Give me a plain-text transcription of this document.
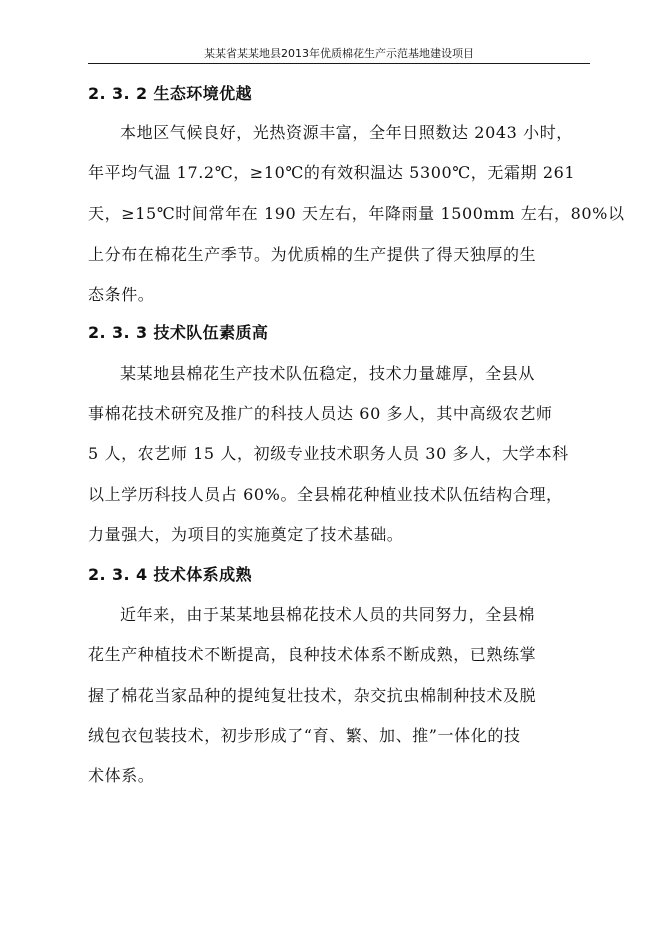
某某省某某地县2013年优质棉花生产示范基地建设项目
2. 3. 2 生态环境优越
本地区气候良好，光热资源丰富，全年日照数达 2043 小时，
年平均气温 17.2℃，≥10℃的有效积温达 5300℃，无霜期 261
天，≥15℃时间常年在 190 天左右，年降雨量 1500mm 左右，80%以
上分布在棉花生产季节。为优质棉的生产提供了得天独厚的生
态条件。
2. 3. 3 技术队伍素质高
某某地县棉花生产技术队伍稳定，技术力量雄厚，全县从
事棉花技术研究及推广的科技人员达 60 多人，其中高级农艺师
5 人，农艺师 15 人，初级专业技术职务人员 30 多人，大学本科
以上学历科技人员占 60%。全县棉花种植业技术队伍结构合理，
力量强大，为项目的实施奠定了技术基础。
2. 3. 4 技术体系成熟
近年来，由于某某地县棉花技术人员的共同努力，全县棉
花生产种植技术不断提高，良种技术体系不断成熟，已熟练掌
握了棉花当家品种的提纯复壮技术，杂交抗虫棉制种技术及脱
绒包衣包装技术，初步形成了“育、繁、加、推”一体化的技
术体系。
